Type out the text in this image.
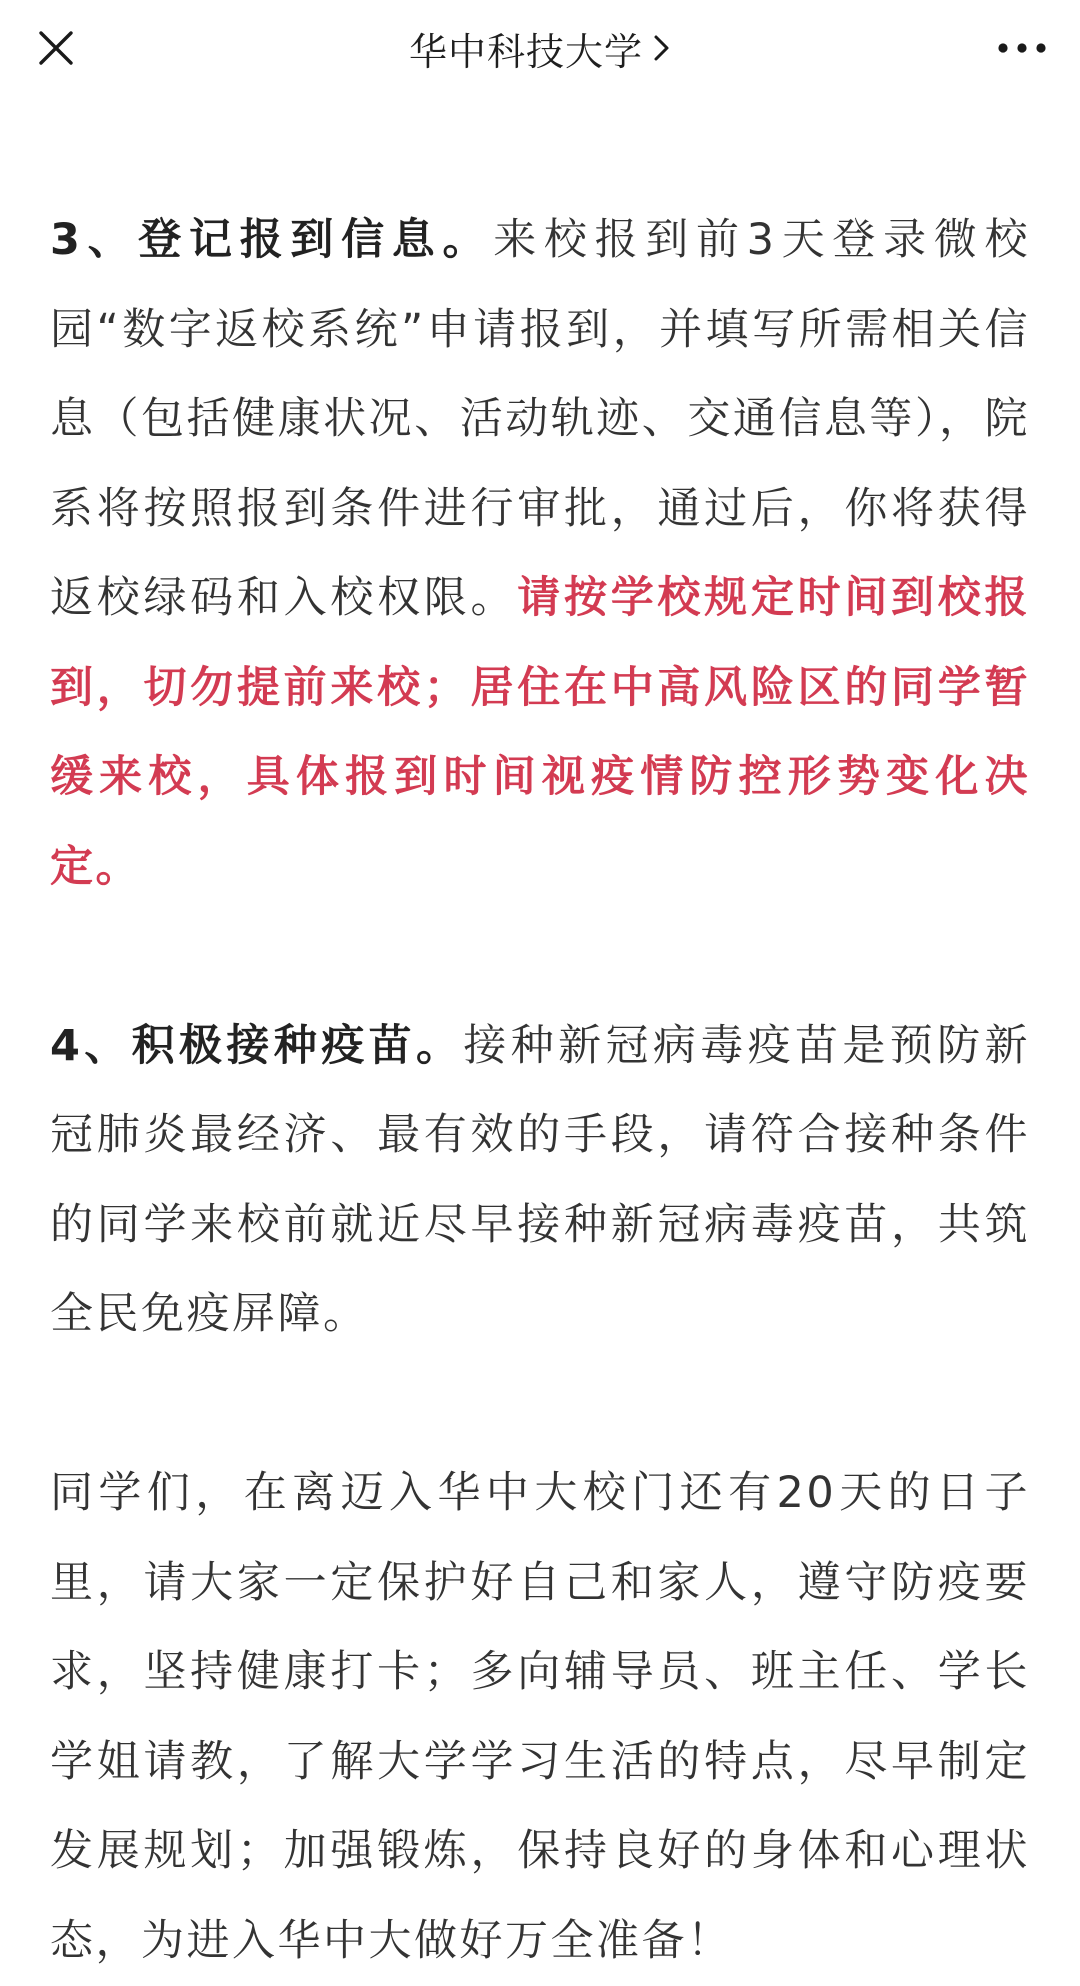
华中科技大学

3、登记报到信息。来校报到前3天登录微校园“数字返校系统”申请报到，并填写所需相关信息（包括健康状况、活动轨迹、交通信息等），院系将按照报到条件进行审批，通过后，你将获得返校绿码和入校权限。请按学校规定时间到校报到，切勿提前来校；居住在中高风险区的同学暂缓来校，具体报到时间视疫情防控形势变化决定。

4、积极接种疫苗。接种新冠病毒疫苗是预防新冠肺炎最经济、最有效的手段，请符合接种条件的同学来校前就近尽早接种新冠病毒疫苗，共筑全民免疫屏障。

同学们，在离迈入华中大校门还有20天的日子里，请大家一定保护好自己和家人，遵守防疫要求，坚持健康打卡；多向辅导员、班主任、学长学姐请教，了解大学学习生活的特点，尽早制定发展规划；加强锻炼，保持良好的身体和心理状态，为进入华中大做好万全准备！
